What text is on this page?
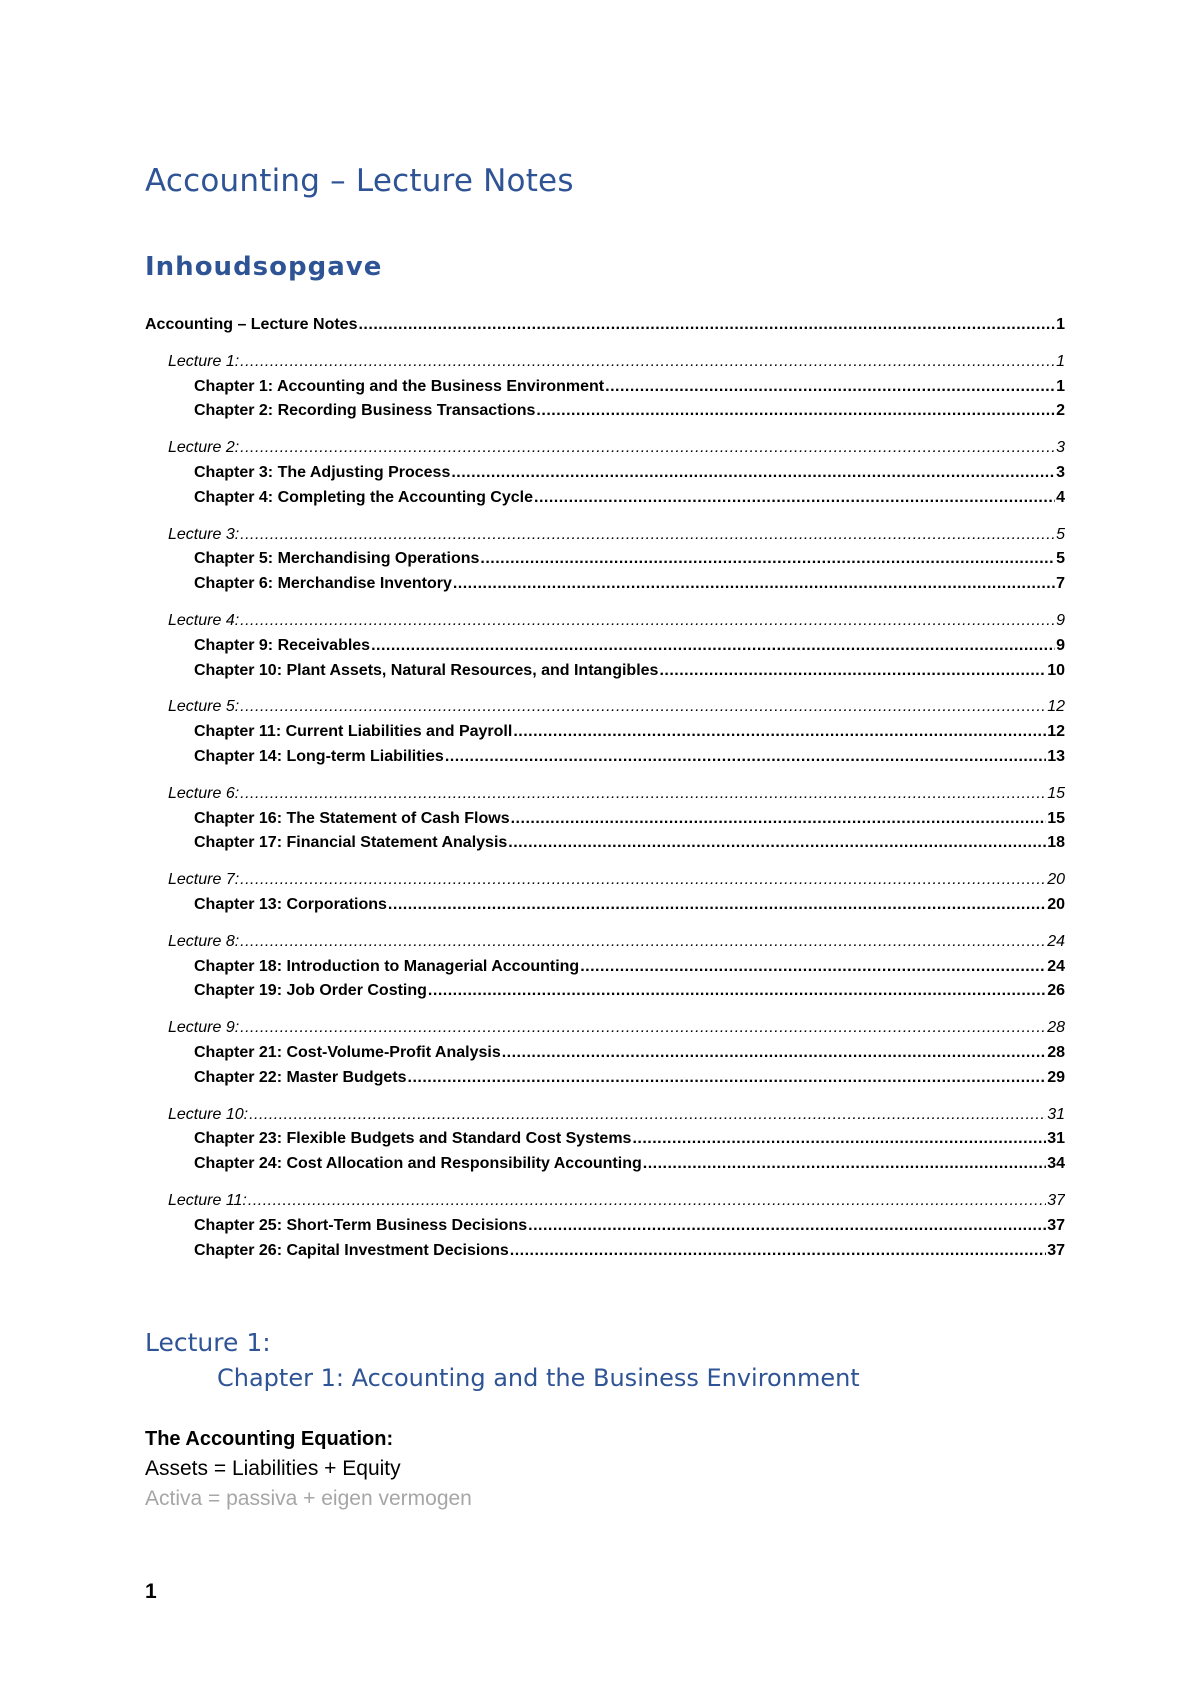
Accounting – Lecture Notes
Inhoudsopgave
Accounting – Lecture Notes .....	1
Lecture 1: .....	1
Chapter 1: Accounting and the Business Environment .....	1
Chapter 2: Recording Business Transactions .....	2
Lecture 2: .....	3
Chapter 3: The Adjusting Process .....	3
Chapter 4: Completing the Accounting Cycle .....	4
Lecture 3: .....	5
Chapter 5: Merchandising Operations .....	5
Chapter 6: Merchandise Inventory .....	7
Lecture 4: .....	9
Chapter 9: Receivables .....	9
Chapter 10: Plant Assets, Natural Resources, and Intangibles .....	10
Lecture 5: .....	12
Chapter 11: Current Liabilities and Payroll .....	12
Chapter 14: Long-term Liabilities .....	13
Lecture 6: .....	15
Chapter 16: The Statement of Cash Flows .....	15
Chapter 17: Financial Statement Analysis .....	18
Lecture 7: .....	20
Chapter 13: Corporations .....	20
Lecture 8: .....	24
Chapter 18: Introduction to Managerial Accounting .....	24
Chapter 19: Job Order Costing .....	26
Lecture 9: .....	28
Chapter 21: Cost-Volume-Profit Analysis .....	28
Chapter 22: Master Budgets .....	29
Lecture 10: .....	31
Chapter 23: Flexible Budgets and Standard Cost Systems .....	31
Chapter 24: Cost Allocation and Responsibility Accounting .....	34
Lecture 11: .....	37
Chapter 25: Short-Term Business Decisions .....	37
Chapter 26: Capital Investment Decisions .....	37
Lecture 1:
Chapter 1: Accounting and the Business Environment
The Accounting Equation:
Assets = Liabilities + Equity
Activa = passiva + eigen vermogen
1
